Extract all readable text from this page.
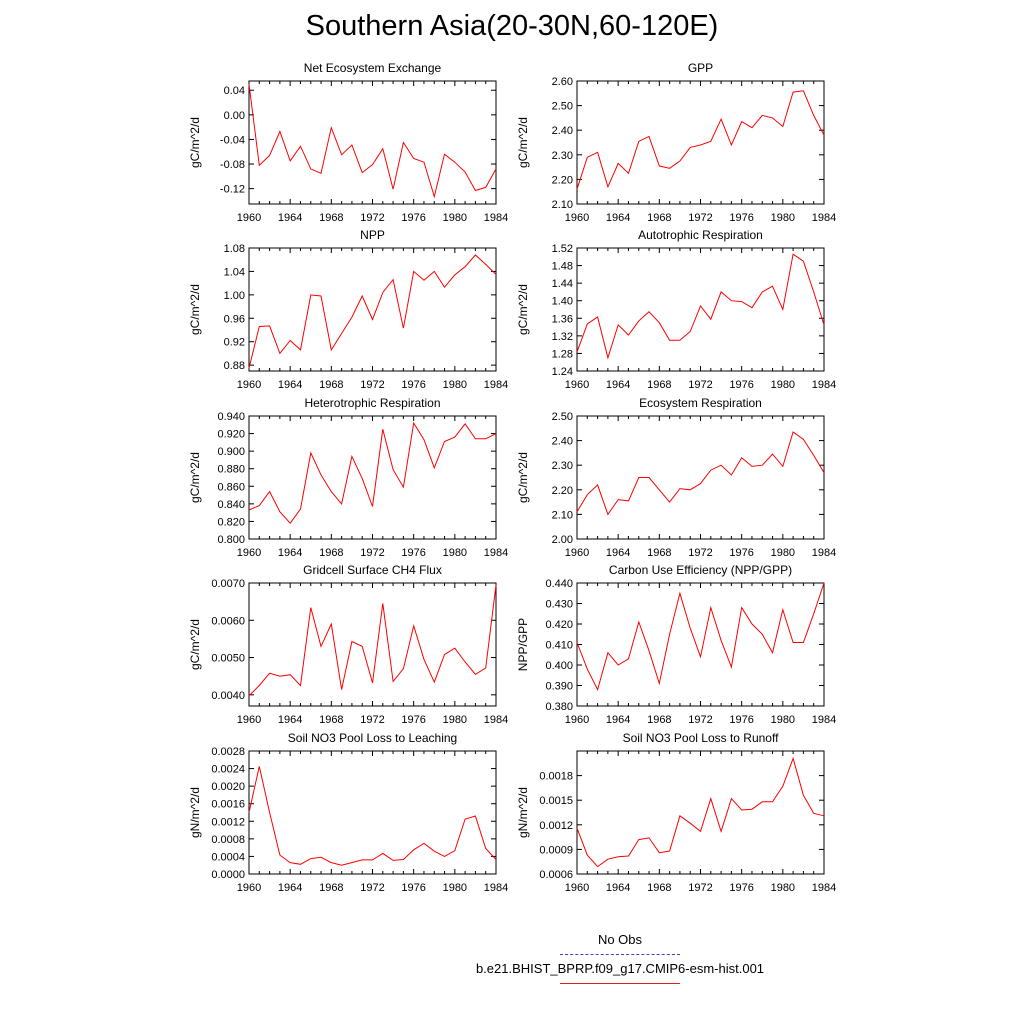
Southern Asia(20-30N,60-120E)
Net Ecosystem Exchange
gC/m^2/d
0.04
0.00
-0.04
-0.08
-0.12
1960 1964 1968 1972 1976 1980 1984
GPP
gC/m^2/d
2.10
2.20
2.30
2.40
2.50
2.60
1960 1964 1968 1972 1976 1980 1984
NPP
gC/m^2/d
0.88
0.92
0.96
1.00
1.04
1.08
1960 1964 1968 1972 1976 1980 1984
Autotrophic Respiration
gC/m^2/d
1.24
1.28
1.32
1.36
1.40
1.44
1.48
1.52
1960 1964 1968 1972 1976 1980 1984
Heterotrophic Respiration
gC/m^2/d
0.800
0.820
0.840
0.860
0.880
0.900
0.920
0.940
1960 1964 1968 1972 1976 1980 1984
Ecosystem Respiration
gC/m^2/d
2.00
2.10
2.20
2.30
2.40
2.50
1960 1964 1968 1972 1976 1980 1984
Gridcell Surface CH4 Flux
gC/m^2/d
0.0040
0.0050
0.0060
0.0070
1960 1964 1968 1972 1976 1980 1984
Carbon Use Efficiency (NPP/GPP)
NPP/GPP
0.380
0.390
0.400
0.410
0.420
0.430
0.440
1960 1964 1968 1972 1976 1980 1984
Soil NO3 Pool Loss to Leaching
gN/m^2/d
0.0000
0.0004
0.0008
0.0012
0.0016
0.0020
0.0024
0.0028
1960 1964 1968 1972 1976 1980 1984
Soil NO3 Pool Loss to Runoff
gN/m^2/d
0.0006
0.0009
0.0012
0.0015
0.0018
1960 1964 1968 1972 1976 1980 1984
No Obs
b.e21.BHIST_BPRP.f09_g17.CMIP6-esm-hist.001
